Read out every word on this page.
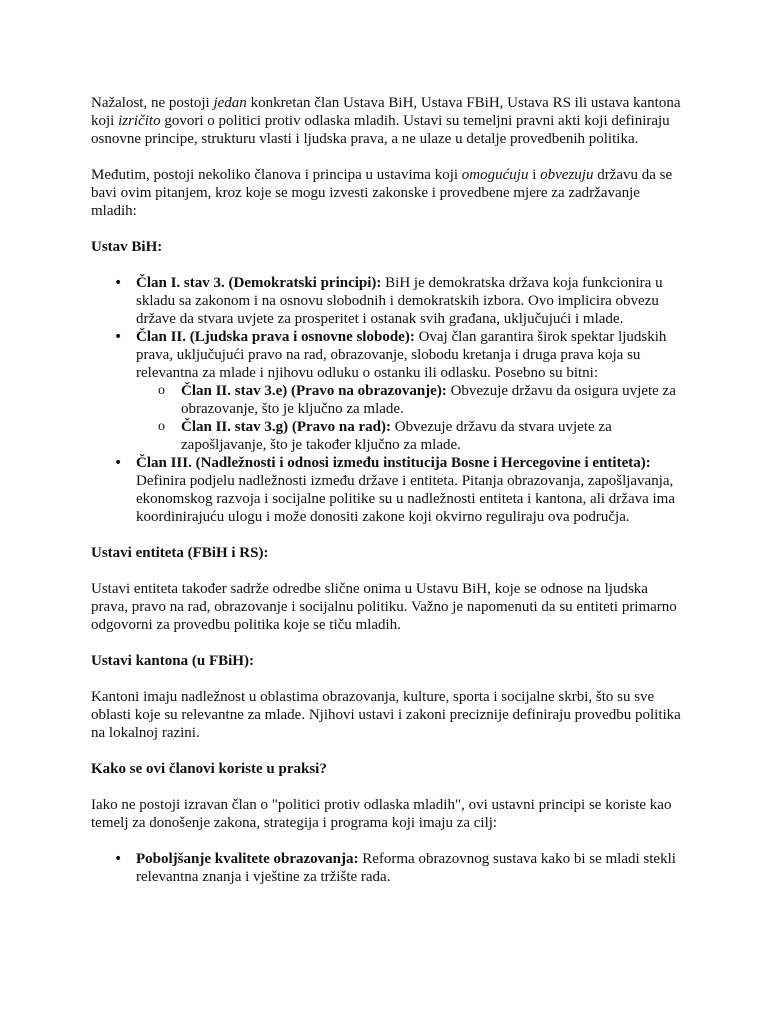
Nažalost, ne postoji jedan konkretan član Ustava BiH, Ustava FBiH, Ustava RS ili ustava kantona koji izričito govori o politici protiv odlaska mladih. Ustavi su temeljni pravni akti koji definiraju osnovne principe, strukturu vlasti i ljudska prava, a ne ulaze u detalje provedbenih politika.

Međutim, postoji nekoliko članova i principa u ustavima koji omogućuju i obvezuju državu da se bavi ovim pitanjem, kroz koje se mogu izvesti zakonske i provedbene mjere za zadržavanje mladih:

Ustav BiH:

• Član I. stav 3. (Demokratski principi): BiH je demokratska država koja funkcionira u skladu sa zakonom i na osnovu slobodnih i demokratskih izbora. Ovo implicira obvezu države da stvara uvjete za prosperitet i ostanak svih građana, uključujući i mlade.
• Član II. (Ljudska prava i osnovne slobode): Ovaj član garantira širok spektar ljudskih prava, uključujući pravo na rad, obrazovanje, slobodu kretanja i druga prava koja su relevantna za mlade i njihovu odluku o ostanku ili odlasku. Posebno su bitni:
o Član II. stav 3.e) (Pravo na obrazovanje): Obvezuje državu da osigura uvjete za obrazovanje, što je ključno za mlade.
o Član II. stav 3.g) (Pravo na rad): Obvezuje državu da stvara uvjete za zapošljavanje, što je također ključno za mlade.
• Član III. (Nadležnosti i odnosi između institucija Bosne i Hercegovine i entiteta): Definira podjelu nadležnosti između države i entiteta. Pitanja obrazovanja, zapošljavanja, ekonomskog razvoja i socijalne politike su u nadležnosti entiteta i kantona, ali država ima koordinirajuću ulogu i može donositi zakone koji okvirno reguliraju ova područja.

Ustavi entiteta (FBiH i RS):

Ustavi entiteta također sadrže odredbe slične onima u Ustavu BiH, koje se odnose na ljudska prava, pravo na rad, obrazovanje i socijalnu politiku. Važno je napomenuti da su entiteti primarno odgovorni za provedbu politika koje se tiču mladih.

Ustavi kantona (u FBiH):

Kantoni imaju nadležnost u oblastima obrazovanja, kulture, sporta i socijalne skrbi, što su sve oblasti koje su relevantne za mlade. Njihovi ustavi i zakoni preciznije definiraju provedbu politika na lokalnoj razini.

Kako se ovi članovi koriste u praksi?

Iako ne postoji izravan član o "politici protiv odlaska mladih", ovi ustavni principi se koriste kao temelj za donošenje zakona, strategija i programa koji imaju za cilj:

• Poboljšanje kvalitete obrazovanja: Reforma obrazovnog sustava kako bi se mladi stekli relevantna znanja i vještine za tržište rada.
